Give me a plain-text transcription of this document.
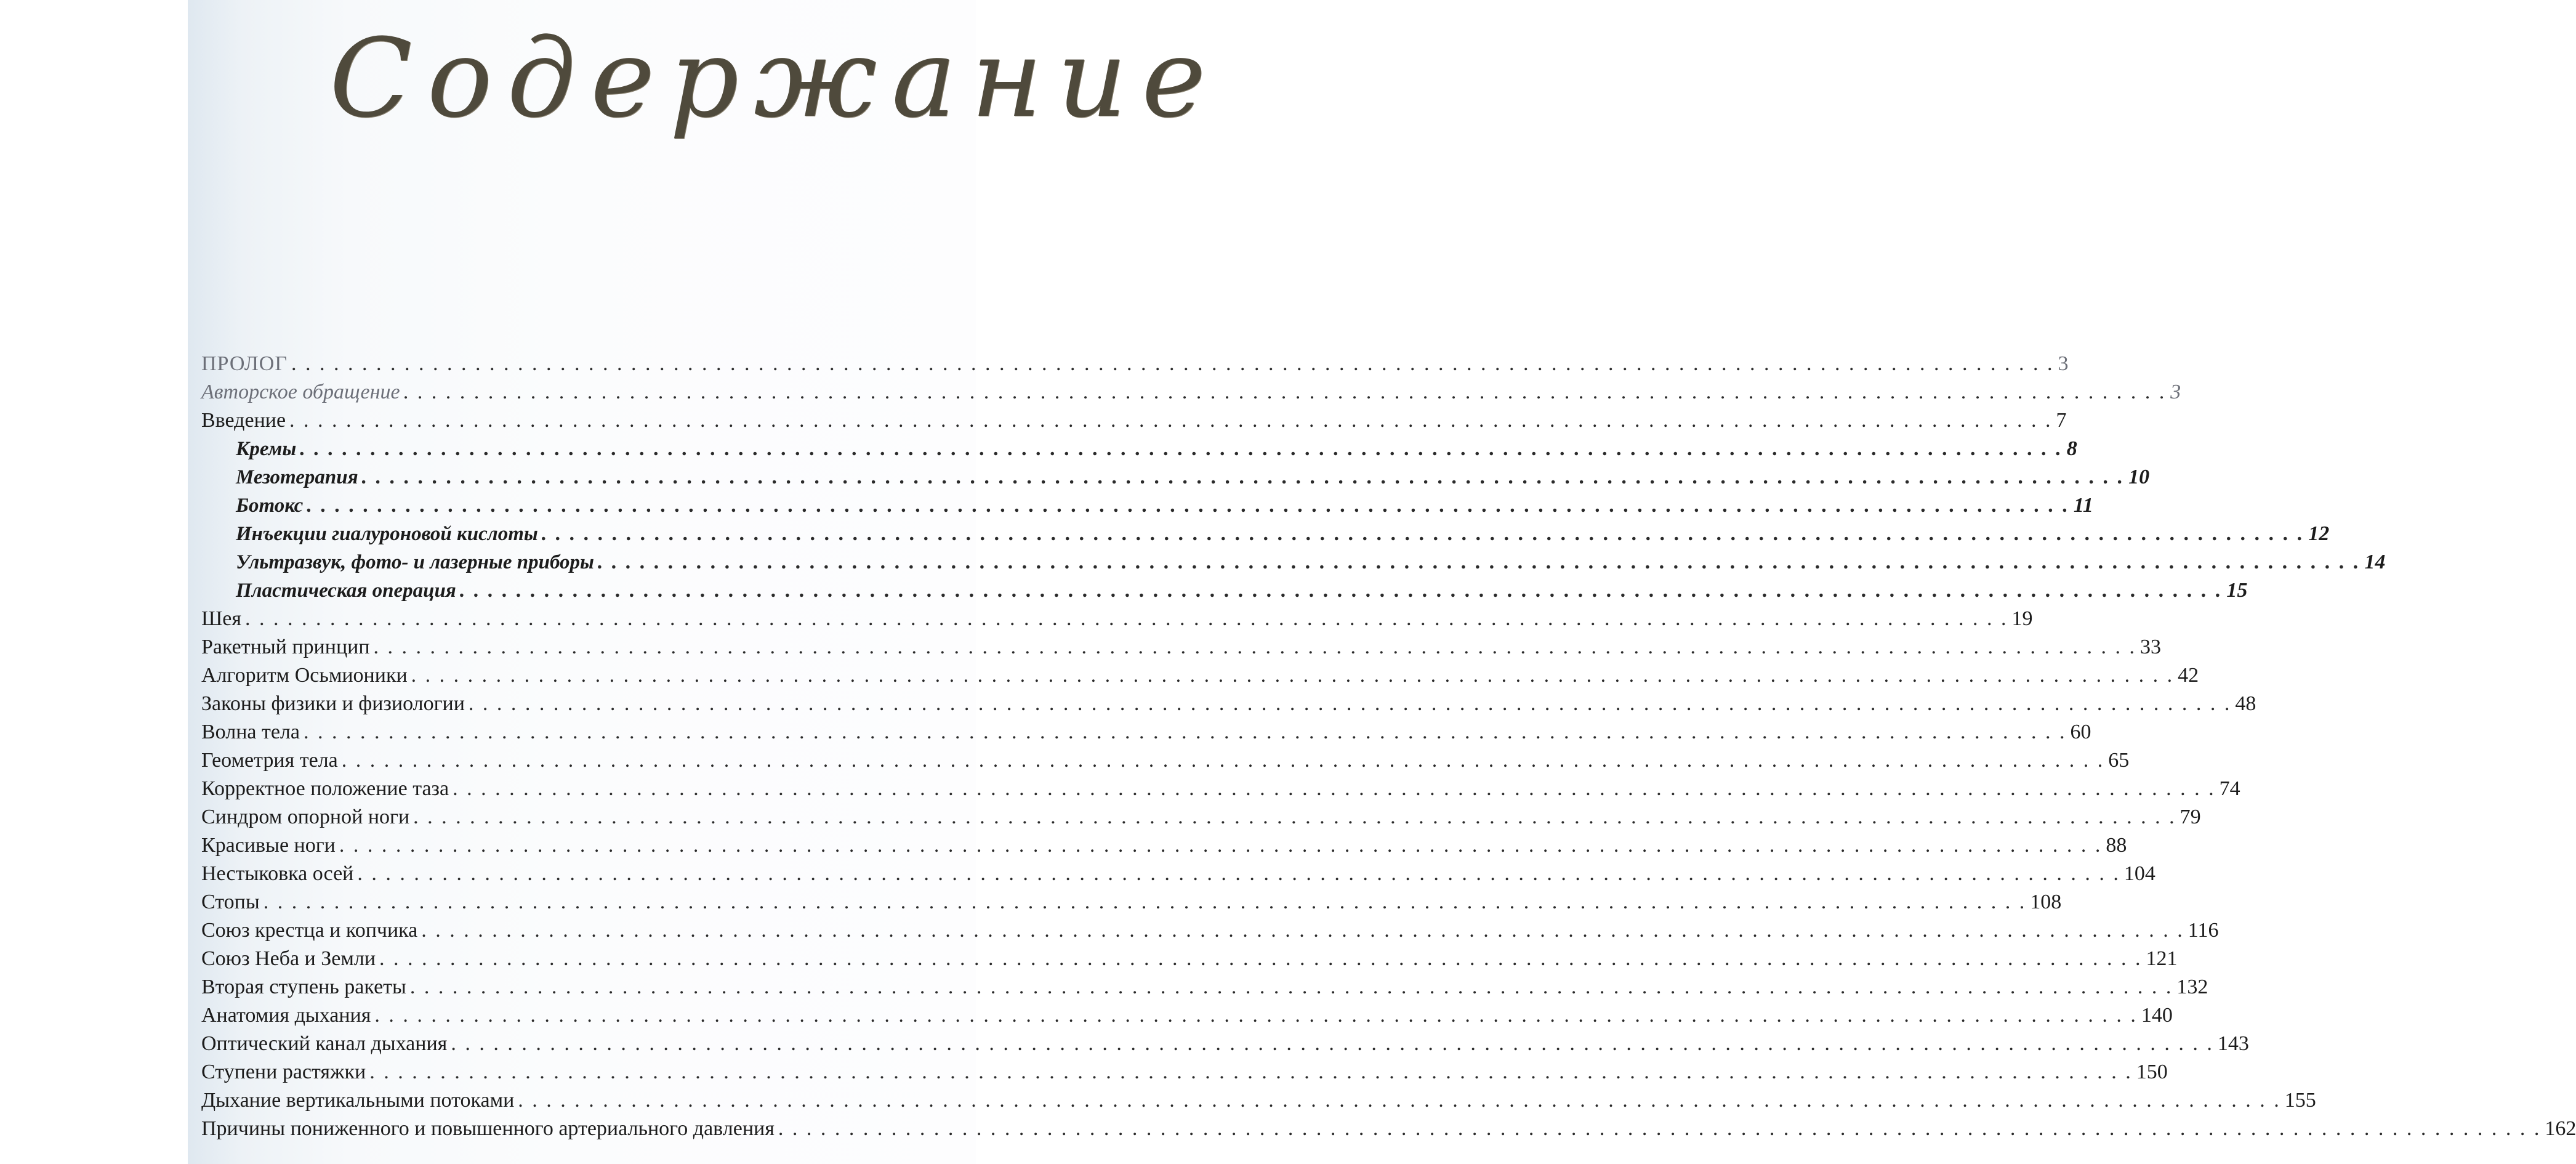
Содержание
ПРОЛОГ . . .	3
Авторское обращение . . .	3
Введение . . .	7
Кремы . . .	8
Мезотерапия . . .	10
Ботокс . . .	11
Инъекции гиалуроновой кислоты . . .	12
Ультразвук, фото- и лазерные приборы . . .	14
Пластическая операция . . .	15
Шея . . .	19
Ракетный принцип . . .	33
Алгоритм Осьмионики . . .	42
Законы физики и физиологии . . .	48
Волна тела . . .	60
Геометрия тела . . .	65
Корректное положение таза . . .	74
Синдром опорной ноги . . .	79
Красивые ноги . . .	88
Нестыковка осей . . .	104
Стопы . . .	108
Союз крестца и копчика . . .	116
Союз Неба и Земли . . .	121
Вторая ступень ракеты . . .	132
Анатомия дыхания . . .	140
Оптический канал дыхания . . .	143
Ступени растяжки . . .	150
Дыхание вертикальными потоками . . .	155
Причины пониженного и повышенного артериального давления . . .	162
